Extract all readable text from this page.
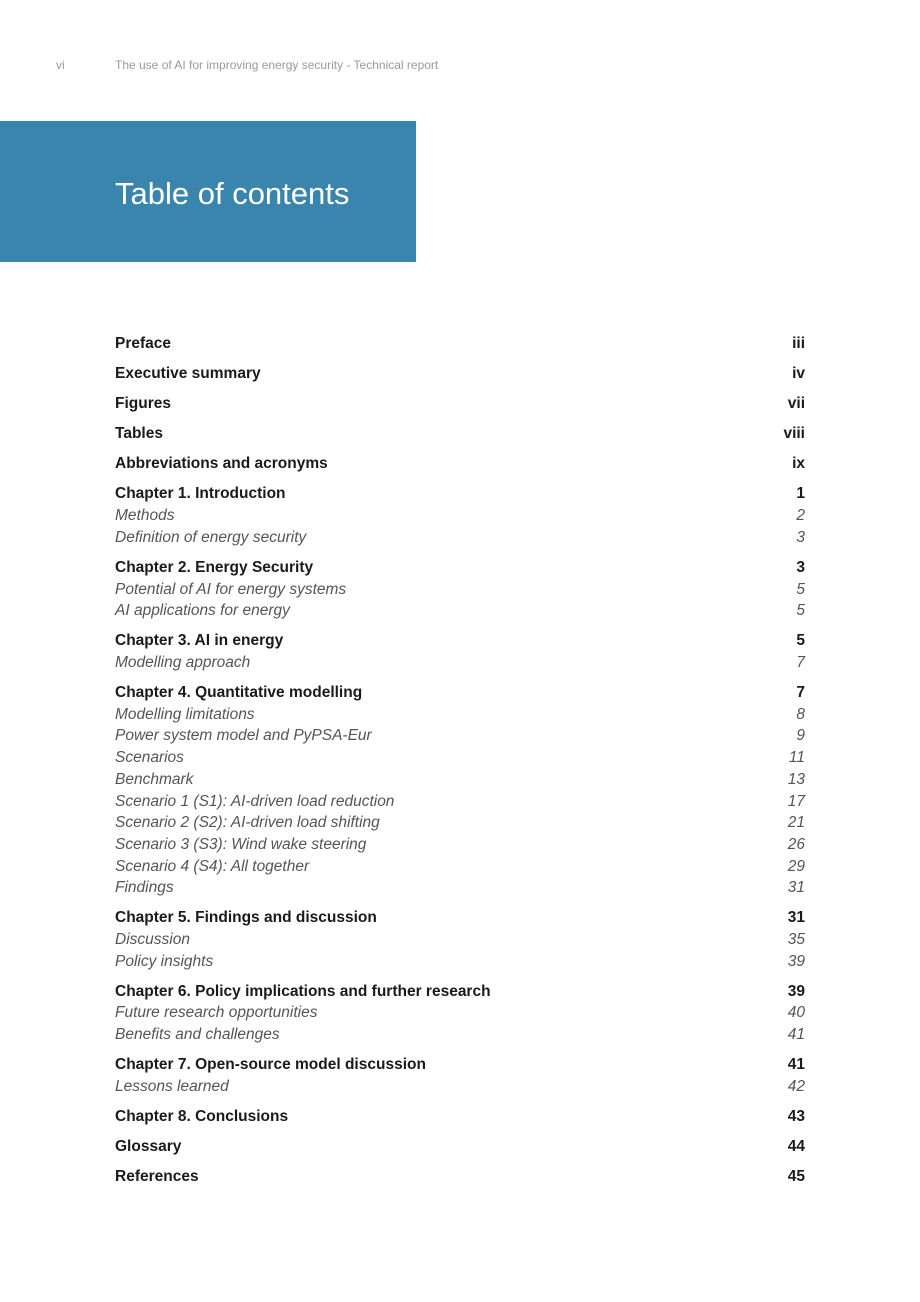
vi	The use of AI for improving energy security - Technical report
Table of contents
Preface	iii
Executive summary	iv
Figures	vii
Tables	viii
Abbreviations and acronyms	ix
Chapter 1. Introduction	1
Methods	2
Definition of energy security	3
Chapter 2. Energy Security	3
Potential of AI for energy systems	5
AI applications for energy	5
Chapter 3. AI in energy	5
Modelling approach	7
Chapter 4. Quantitative modelling	7
Modelling limitations	8
Power system model and PyPSA-Eur	9
Scenarios	11
Benchmark	13
Scenario 1 (S1): AI-driven load reduction	17
Scenario 2 (S2): AI-driven load shifting	21
Scenario 3 (S3): Wind wake steering	26
Scenario 4 (S4): All together	29
Findings	31
Chapter 5. Findings and discussion	31
Discussion	35
Policy insights	39
Chapter 6. Policy implications and further research	39
Future research opportunities	40
Benefits and challenges	41
Chapter 7. Open-source model discussion	41
Lessons learned	42
Chapter 8. Conclusions	43
Glossary	44
References	45
